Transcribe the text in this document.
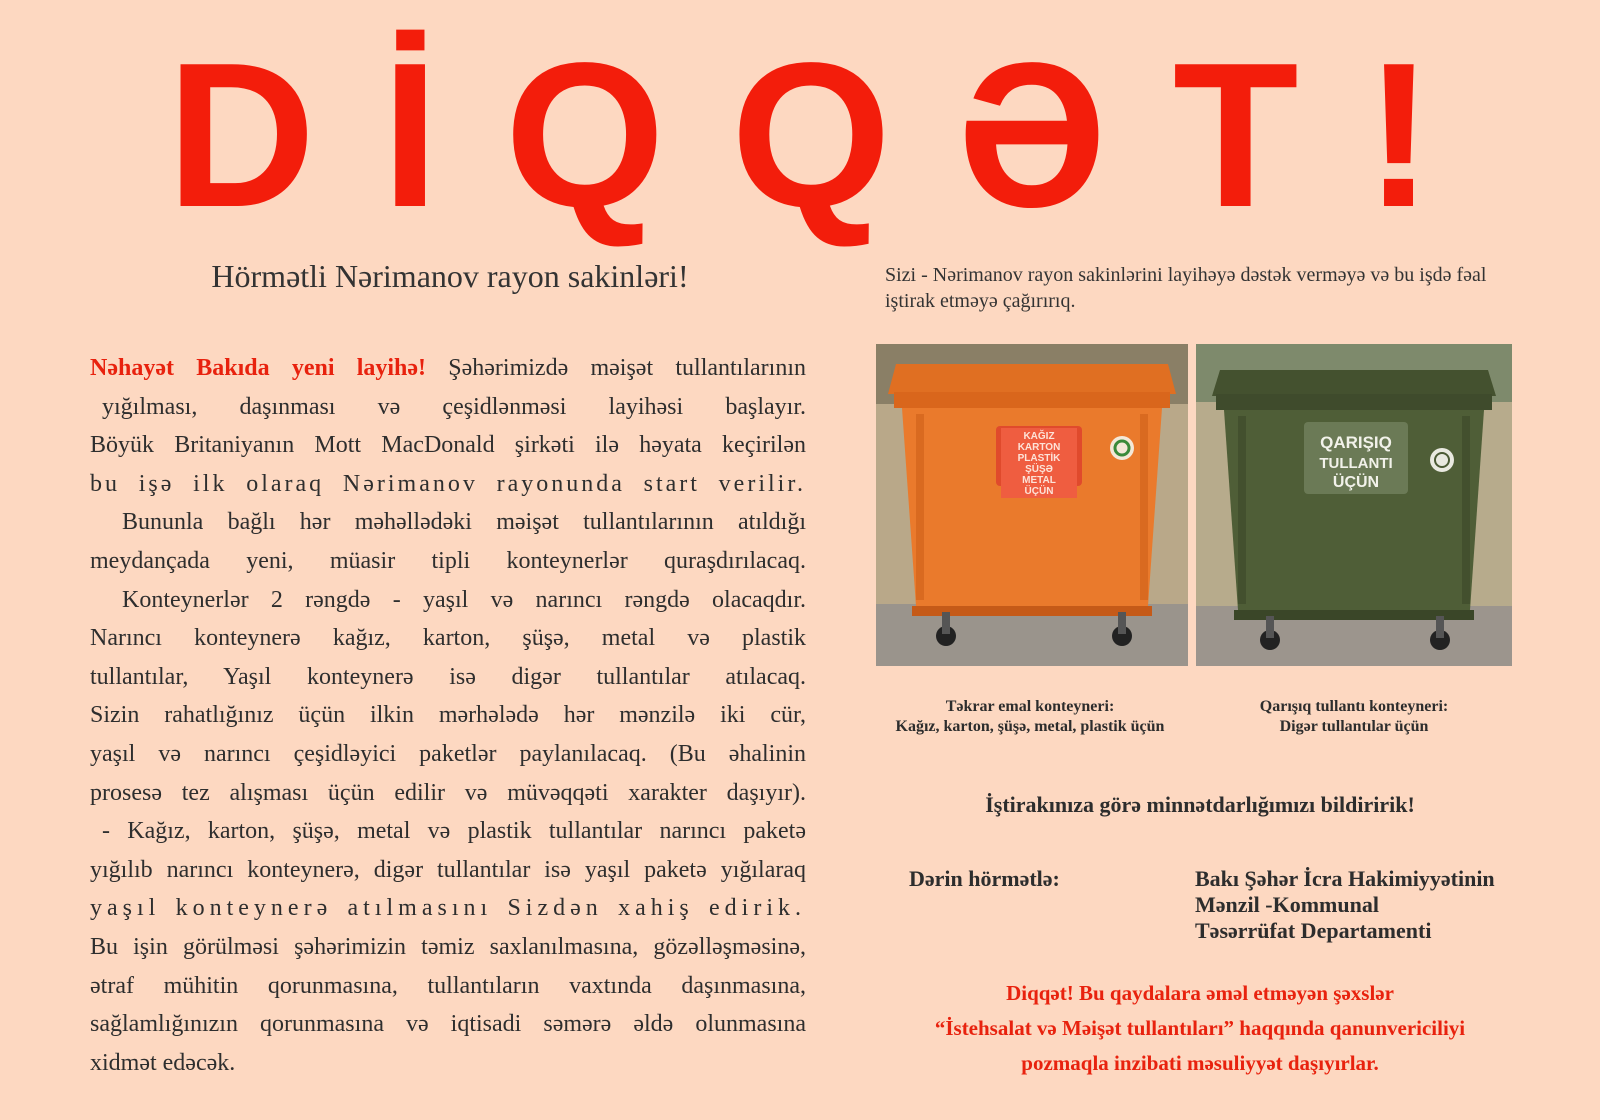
DİQQƏT!
Hörmətli Nərimanov rayon sakinləri!

Nəhayət Bakıda yeni layihə! Şəhərimizdə məişət tullantılarının

yığılması, daşınması və çeşidlənməsi layihəsi başlayır.

Böyük Britaniyanın Mott MacDonald şirkəti ilə həyata keçirilən

bu işə ilk olaraq Nərimanov rayonunda start verilir.

Bununla bağlı hər məhəllədəki məişət tullantılarının atıldığı

meydançada yeni, müasir tipli konteynerlər quraşdırılacaq.

Konteynerlər 2 rəngdə - yaşıl və narıncı rəngdə olacaqdır.

Narıncı konteynerə kağız, karton, şüşə, metal və plastik

tullantılar, Yaşıl konteynerə isə digər tullantılar atılacaq.

Sizin rahatlığınız üçün ilkin mərhələdə hər mənzilə iki cür,

yaşıl və narıncı çeşidləyici paketlər paylanılacaq. (Bu əhalinin

prosesə tez alışması üçün edilir və müvəqqəti xarakter daşıyır).

- Kağız, karton, şüşə, metal və plastik tullantılar narıncı paketə

yığılıb narıncı konteynerə, digər tullantılar isə yaşıl paketə yığılaraq

yaşıl konteynerə atılmasını Sizdən xahiş edirik.

Bu işin görülməsi şəhərimizin təmiz saxlanılmasına, gözəlləşməsinə,

ətraf mühitin qorunmasına, tullantıların vaxtında daşınmasına,

sağlamlığınızın qorunmasına və iqtisadi səmərə əldə olunmasına

xidmət edəcək.

Sizi - Nərimanov rayon sakinlərini layihəyə dəstək verməyə və bu işdə fəal iştirak etməyə çağırırıq.
KAĞIZ
KARTON
PLASTİK
ŞÜŞƏ
METAL
ÜÇÜN
QARIŞIQ
TULLANTI
ÜÇÜN
Təkrar emal konteyneri:
Kağız, karton, şüşə, metal, plastik üçün
Qarışıq tullantı konteyneri:
Digər tullantılar üçün
İştirakınıza görə minnətdarlığımızı bildiririk!
Dərin hörmətlə:	Bakı Şəhər İcra Hakimiyyətinin
Mənzil -Kommunal
Təsərrüfat Departamenti
Diqqət! Bu qaydalara əməl etməyən şəxslər
“İstehsalat və Məişət tullantıları” haqqında qanunvericiliyi
pozmaqla inzibati məsuliyyət daşıyırlar.
